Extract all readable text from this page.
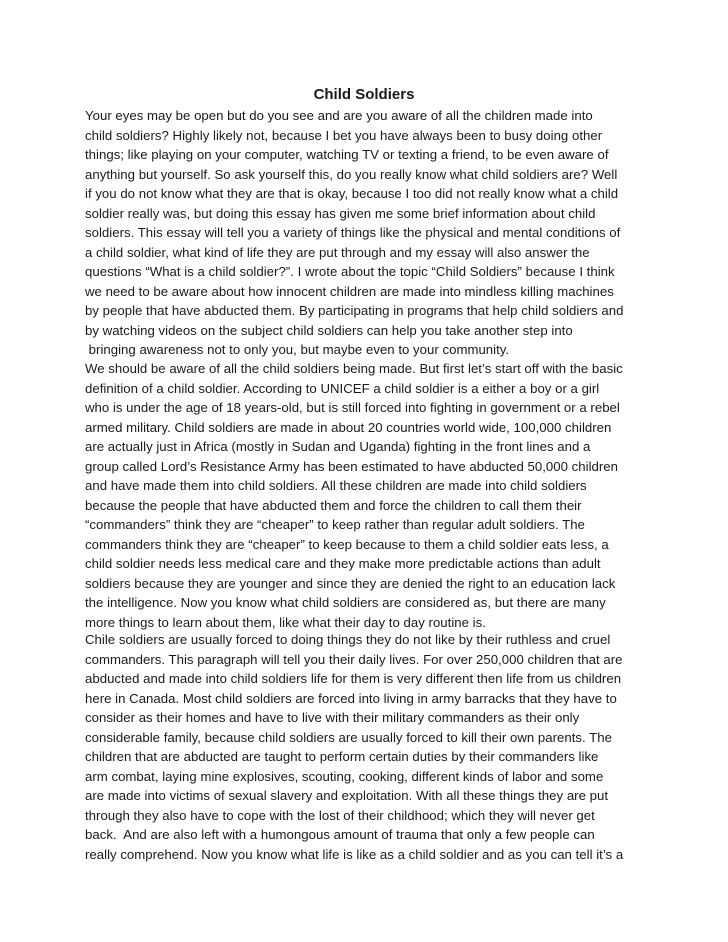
Child Soldiers
Your eyes may be open but do you see and are you aware of all the children made into
child soldiers? Highly likely not, because I bet you have always been to busy doing other
things; like playing on your computer, watching TV or texting a friend, to be even aware of
anything but yourself. So ask yourself this, do you really know what child soldiers are? Well
if you do not know what they are that is okay, because I too did not really know what a child
soldier really was, but doing this essay has given me some brief information about child
soldiers. This essay will tell you a variety of things like the physical and mental conditions of
a child soldier, what kind of life they are put through and my essay will also answer the
questions “What is a child soldier?”. I wrote about the topic “Child Soldiers” because I think
we need to be aware about how innocent children are made into mindless killing machines
by people that have abducted them. By participating in programs that help child soldiers and
by watching videos on the subject child soldiers can help you take another step into
bringing awareness not to only you, but maybe even to your community.
We should be aware of all the child soldiers being made. But first let’s start off with the basic
definition of a child soldier. According to UNICEF a child soldier is a either a boy or a girl
who is under the age of 18 years-old, but is still forced into fighting in government or a rebel
armed military. Child soldiers are made in about 20 countries world wide, 100,000 children
are actually just in Africa (mostly in Sudan and Uganda) fighting in the front lines and a
group called Lord’s Resistance Army has been estimated to have abducted 50,000 children
and have made them into child soldiers. All these children are made into child soldiers
because the people that have abducted them and force the children to call them their
“commanders” think they are “cheaper” to keep rather than regular adult soldiers. The
commanders think they are “cheaper” to keep because to them a child soldier eats less, a
child soldier needs less medical care and they make more predictable actions than adult
soldiers because they are younger and since they are denied the right to an education lack
the intelligence. Now you know what child soldiers are considered as, but there are many
more things to learn about them, like what their day to day routine is.
Chile soldiers are usually forced to doing things they do not like by their ruthless and cruel
commanders. This paragraph will tell you their daily lives. For over 250,000 children that are
abducted and made into child soldiers life for them is very different then life from us children
here in Canada. Most child soldiers are forced into living in army barracks that they have to
consider as their homes and have to live with their military commanders as their only
considerable family, because child soldiers are usually forced to kill their own parents. The
children that are abducted are taught to perform certain duties by their commanders like
arm combat, laying mine explosives, scouting, cooking, different kinds of labor and some
are made into victims of sexual slavery and exploitation. With all these things they are put
through they also have to cope with the lost of their childhood; which they will never get
back.  And are also left with a humongous amount of trauma that only a few people can
really comprehend. Now you know what life is like as a child soldier and as you can tell it’s a
